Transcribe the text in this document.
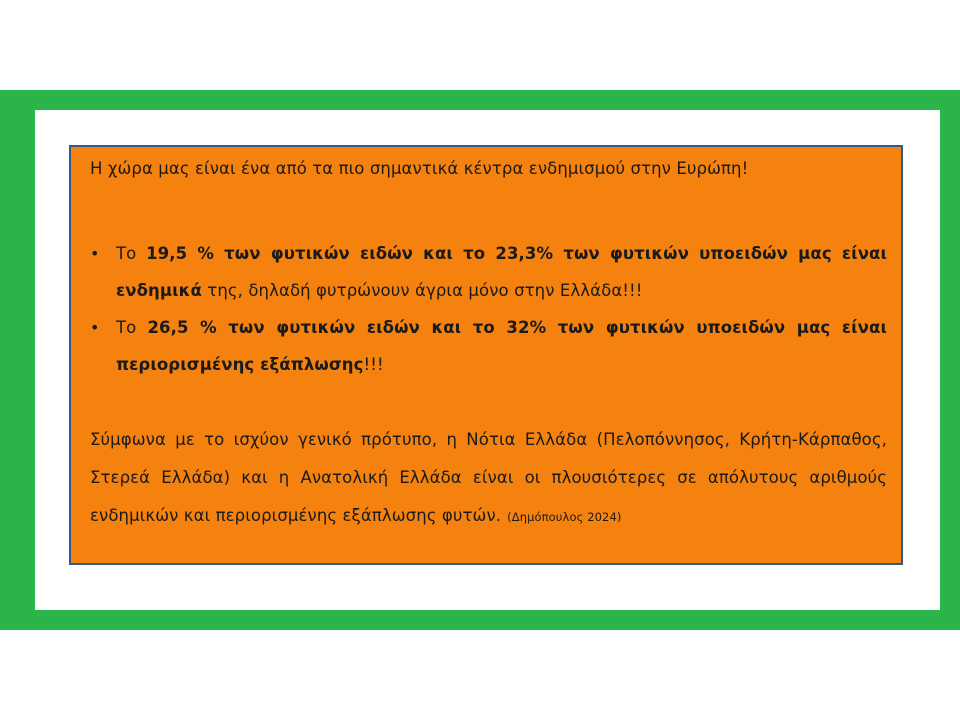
Η χώρα μας είναι ένα από τα πιο σημαντικά κέντρα ενδημισμού στην Ευρώπη!
• Το 19,5 % των φυτικών ειδών και το 23,3% των φυτικών υποειδών μας είναι ενδημικά της, δηλαδή φυτρώνουν άγρια μόνο στην Ελλάδα!!!
• Το 26,5 % των φυτικών ειδών και το 32% των φυτικών υποειδών μας είναι περιορισμένης εξάπλωσης!!!
Σύμφωνα με το ισχύον γενικό πρότυπο, η Νότια Ελλάδα (Πελοπόννησος, Κρήτη-Κάρπαθος, Στερεά Ελλάδα) και η Ανατολική Ελλάδα είναι οι πλουσιότερες σε απόλυτους αριθμούς ενδημικών και περιορισμένης εξάπλωσης φυτών. (Δημόπουλος 2024)
